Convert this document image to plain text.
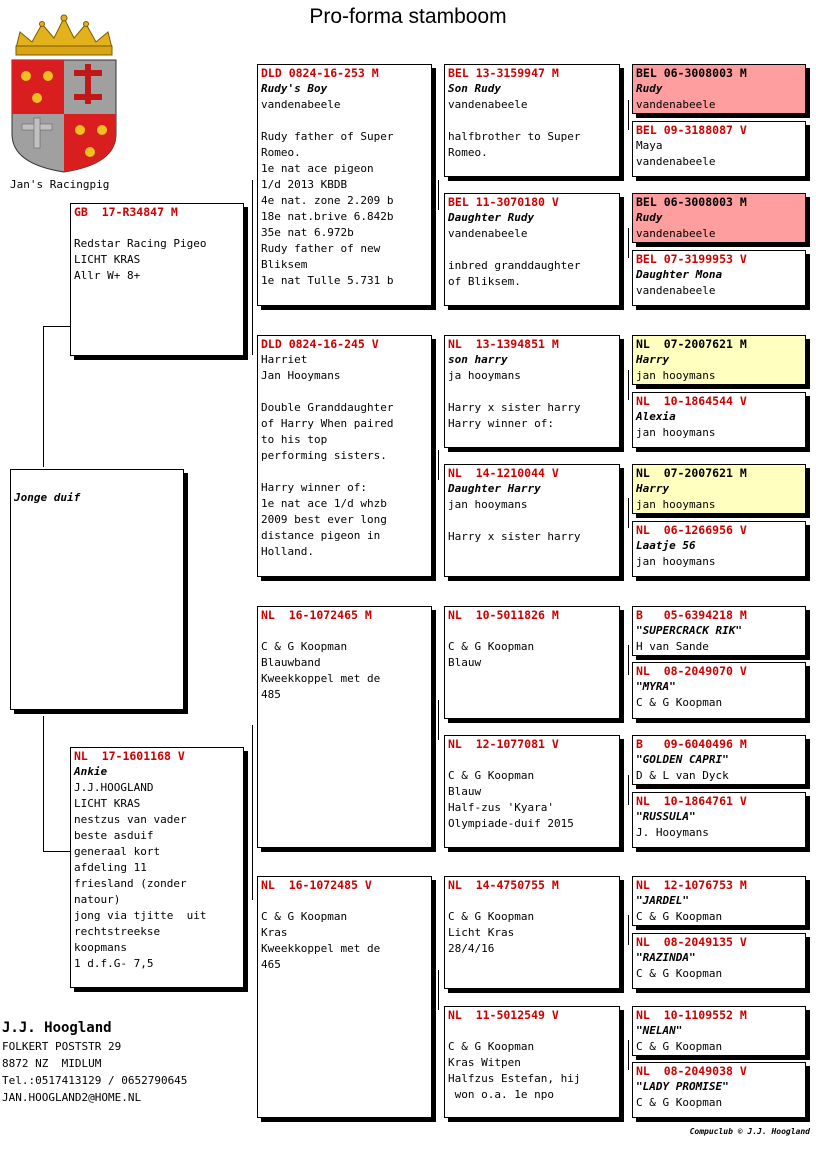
Pro-forma stamboom
Jan's Racingpig
Jonge duif
GB  17-R34847 M
Redstar Racing Pigeo
LICHT KRAS
Allr W+ 8+
NL  17-1601168 V
Ankie
J.J.HOOGLAND
LICHT KRAS
nestzus van vader
beste asduif
generaal kort
afdeling 11
friesland (zonder
natour)
jong via tjitte  uit
rechtstreekse
koopmans
1 d.f.G- 7,5
DLD 0824-16-253 M
Rudy's Boy
vandenabeele
Rudy father of Super
Romeo.
1e nat ace pigeon
1/d 2013 KBDB
4e nat. zone 2.209 b
18e nat.brive 6.842b
35e nat 6.972b
Rudy father of new
Bliksem
1e nat Tulle 5.731 b
DLD 0824-16-245 V
Harriet
Jan Hooymans
Double Granddaughter
of Harry When paired
to his top
performing sisters.
Harry winner of:
1e nat ace 1/d whzb
2009 best ever long
distance pigeon in
Holland.
NL  16-1072465 M
C & G Koopman
Blauwband
Kweekkoppel met de
485
NL  16-1072485 V
C & G Koopman
Kras
Kweekkoppel met de
465
BEL 13-3159947 M
Son Rudy
vandenabeele
halfbrother to Super
Romeo.
BEL 11-3070180 V
Daughter Rudy
vandenabeele
inbred granddaughter
of Bliksem.
NL  13-1394851 M
son harry
ja hooymans
Harry x sister harry
Harry winner of:
NL  14-1210044 V
Daughter Harry
jan hooymans
Harry x sister harry
NL  10-5011826 M
C & G Koopman
Blauw
NL  12-1077081 V
C & G Koopman
Blauw
Half-zus 'Kyara'
Olympiade-duif 2015
NL  14-4750755 M
C & G Koopman
Licht Kras
28/4/16
NL  11-5012549 V
C & G Koopman
Kras Witpen
Halfzus Estefan, hij
won o.a. 1e npo
BEL 06-3008003 M
Rudy
vandenabeele
BEL 09-3188087 V
Maya
vandenabeele
BEL 06-3008003 M
Rudy
vandenabeele
BEL 07-3199953 V
Daughter Mona
vandenabeele
NL  07-2007621 M
Harry
jan hooymans
NL  10-1864544 V
Alexia
jan hooymans
NL  07-2007621 M
Harry
jan hooymans
NL  06-1266956 V
Laatje 56
jan hooymans
B   05-6394218 M
"SUPERCRACK RIK"
H van Sande
NL  08-2049070 V
"MYRA"
C & G Koopman
B   09-6040496 M
"GOLDEN CAPRI"
D & L van Dyck
NL  10-1864761 V
"RUSSULA"
J. Hooymans
NL  12-1076753 M
"JARDEL"
C & G Koopman
NL  08-2049135 V
"RAZINDA"
C & G Koopman
NL  10-1109552 M
"NELAN"
C & G Koopman
NL  08-2049038 V
"LADY PROMISE"
C & G Koopman
J.J. Hoogland
FOLKERT POSTSTR 29
8872 NZ  MIDLUM
Tel.:0517413129 / 0652790645
JAN.HOOGLAND2@HOME.NL
Compuclub © J.J. Hoogland
